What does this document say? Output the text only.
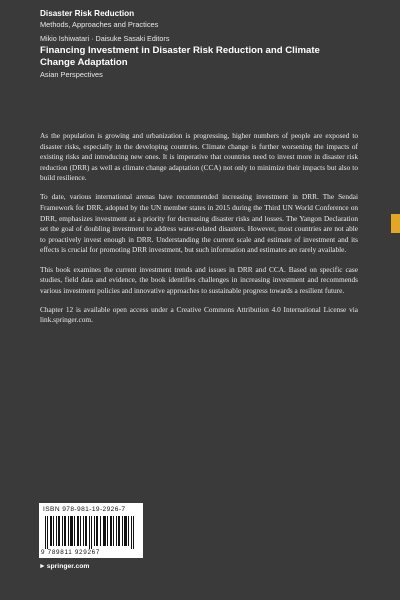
Disaster Risk Reduction
Methods, Approaches and Practices
Mikio Ishiwatari · Daisuke Sasaki Editors
Financing Investment in Disaster Risk Reduction and Climate
Change Adaptation
Asian Perspectives

As the population is growing and urbanization is progressing, higher numbers of people are exposed to disaster risks, especially in the developing countries. Climate change is further worsening the impacts of existing risks and introducing new ones. It is imperative that countries need to invest more in disaster risk reduction (DRR) as well as climate change adaptation (CCA) not only to minimize their impacts but also to build resilience.

To date, various international arenas have recommended increasing investment in DRR. The Sendai Framework for DRR, adopted by the UN member states in 2015 during the Third UN World Conference on DRR, emphasizes investment as a priority for decreasing disaster risks and losses. The Yangon Declaration set the goal of doubling investment to address water-related disasters. However, most countries are not able to proactively invest enough in DRR. Understanding the current scale and estimate of investment and its effects is crucial for promoting DRR investment, but such information and estimates are rarely available.

This book examines the current investment trends and issues in DRR and CCA. Based on specific case studies, field data and evidence, the book identifies challenges in increasing investment and recommends various investment policies and innovative approaches to sustainable progress towards a resilient future.

Chapter 12 is available open access under a Creative Commons Attribution 4.0 International License via link.springer.com.

ISBN 978-981-19-2926-7
9 789811 929267
►springer.com
